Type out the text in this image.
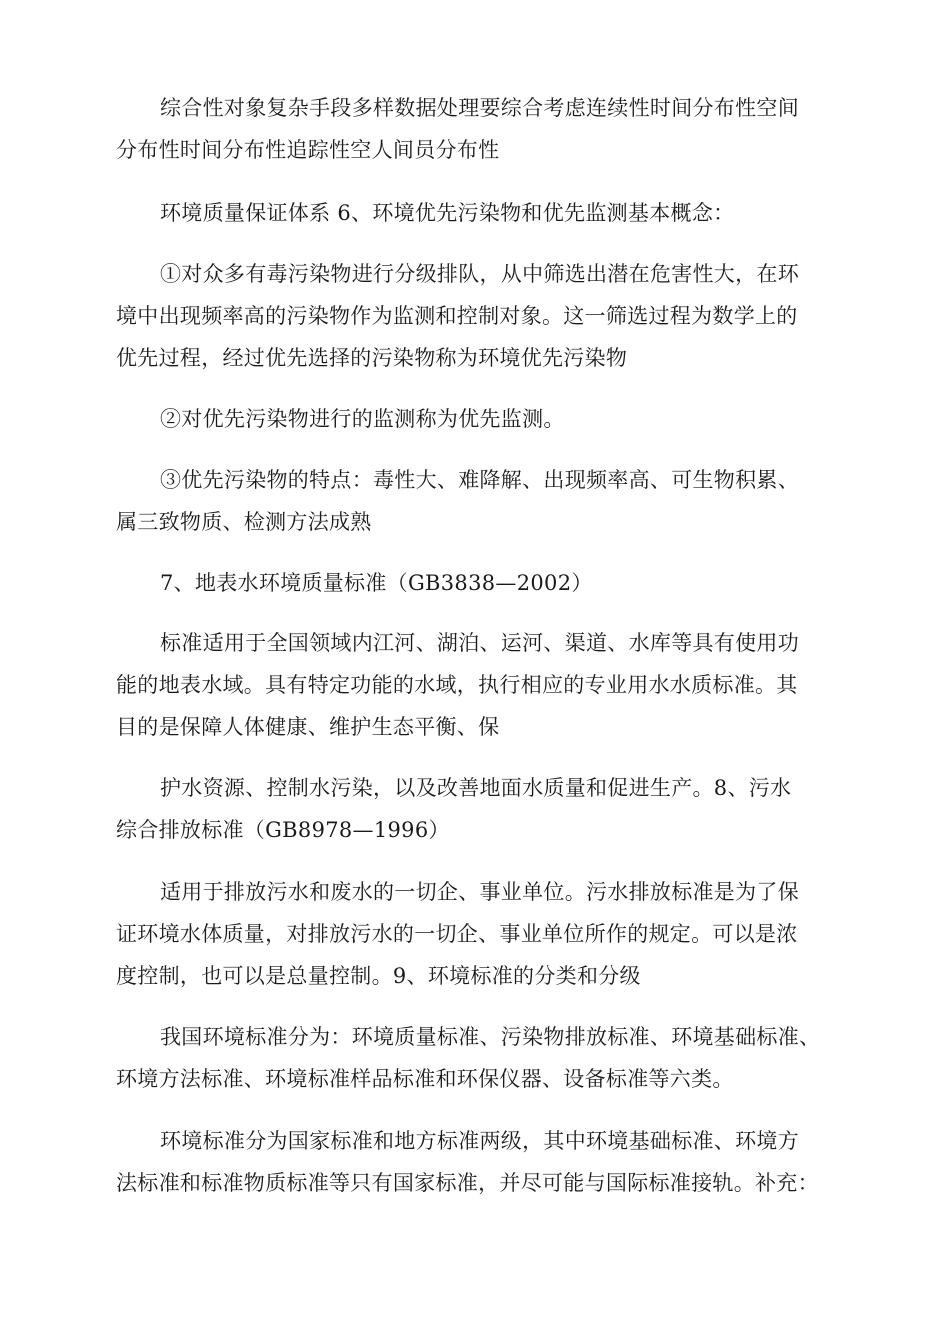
综合性对象复杂手段多样数据处理要综合考虑连续性时间分布性空间
分布性时间分布性追踪性空人间员分布性
环境质量保证体系 6、环境优先污染物和优先监测基本概念：
①对众多有毒污染物进行分级排队，从中筛选出潜在危害性大，在环
境中出现频率高的污染物作为监测和控制对象。这一筛选过程为数学上的
优先过程，经过优先选择的污染物称为环境优先污染物
②对优先污染物进行的监测称为优先监测。
③优先污染物的特点：毒性大、难降解、出现频率高、可生物积累、
属三致物质、检测方法成熟
7、地表水环境质量标准（GB3838—2002）
标准适用于全国领域内江河、湖泊、运河、渠道、水库等具有使用功
能的地表水域。具有特定功能的水域，执行相应的专业用水水质标准。其
目的是保障人体健康、维护生态平衡、保
护水资源、控制水污染，以及改善地面水质量和促进生产。8、污水
综合排放标准（GB8978—1996）
适用于排放污水和废水的一切企、事业单位。污水排放标准是为了保
证环境水体质量，对排放污水的一切企、事业单位所作的规定。可以是浓
度控制，也可以是总量控制。9、环境标准的分类和分级
我国环境标准分为：环境质量标准、污染物排放标准、环境基础标准、
环境方法标准、环境标准样品标准和环保仪器、设备标准等六类。
环境标准分为国家标准和地方标准两级，其中环境基础标准、环境方
法标准和标准物质标准等只有国家标准，并尽可能与国际标准接轨。补充：
